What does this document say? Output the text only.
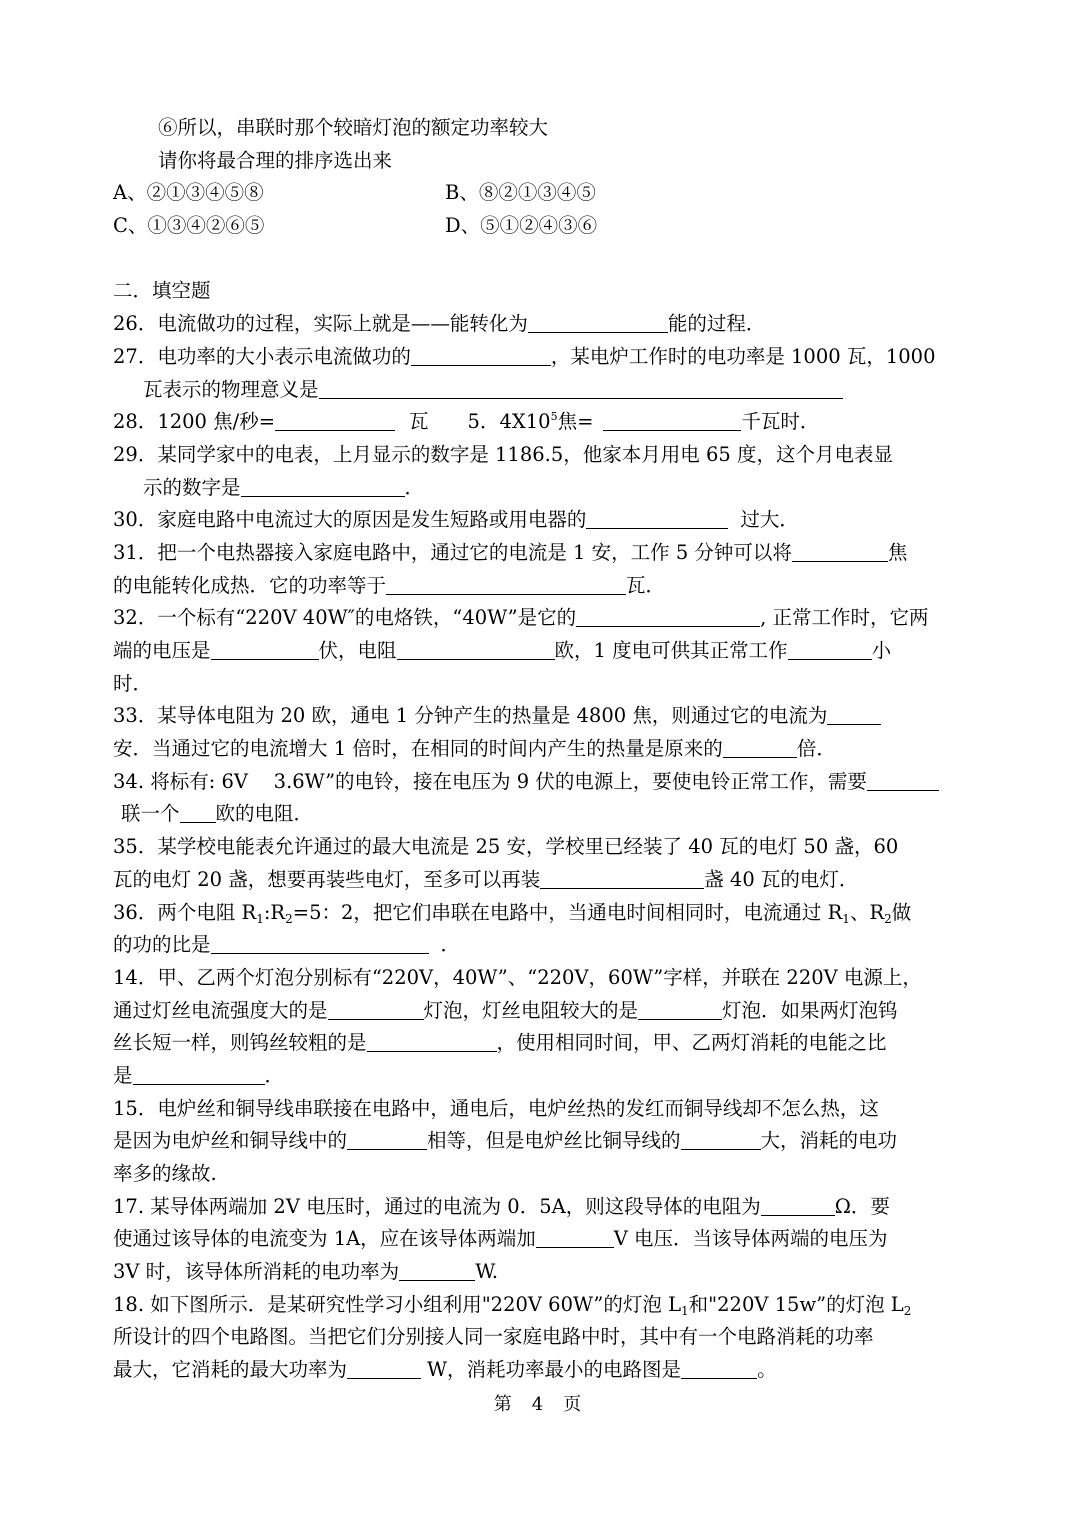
⑥所以，串联时那个较暗灯泡的额定功率较大
请你将最合理的排序选出来
A、②①③④⑤⑧	B、⑧②①③④⑤
C、①③④②⑥⑤	D、⑤①②④③⑥
二．填空题
26．电流做功的过程，实际上就是——能转化为	能的过程．
27．电功率的大小表示电流做功的	，某电炉工作时的电功率是 1000 瓦，1000
瓦表示的物理意义是
28．1200 焦/秒=	瓦　　5．$4X10^5$焦=	千瓦时．
29．某同学家中的电表，上月显示的数字是 1186.5，他家本月用电 65 度，这个月电表显
示的数字是	．
30．家庭电路中电流过大的原因是发生短路或用电器的	过大．
31．把一个电热器接入家庭电路中，通过它的电流是 1 安，工作 5 分钟可以将	焦
的电能转化成热．它的功率等于	瓦．
32．一个标有“220V 40W″的电烙铁，“40W”是它的	, 正常工作时，它两
端的电压是	伏，电阻	欧，1 度电可供其正常工作	小
时．
33．某导体电阻为 20 欧，通电 1 分钟产生的热量是 4800 焦，则通过它的电流为
安．当通过它的电流增大 1 倍时，在相同的时间内产生的热量是原来的	倍．
34. 将标有: 6V　 3.6W”的电铃，接在电压为 9 伏的电源上，要使电铃正常工作，需要
联一个 欧的电阻．
35．某学校电能表允许通过的最大电流是 25 安，学校里已经装了 40 瓦的电灯 50 盏，60
瓦的电灯 20 盏，想要再装些电灯，至多可以再装	盏 40 瓦的电灯．
36．两个电阻 $R_1:R_2=5$：2，把它们串联在电路中，当通电时间相同时，电流通过 $R_1$、$R_2$做
的功的比是	．
14．甲、乙两个灯泡分别标有“220V，40W”、“220V，60W”字样，并联在 220V 电源上，
通过灯丝电流强度大的是	灯泡，灯丝电阻较大的是	灯泡．如果两灯泡钨
丝长短一样，则钨丝较粗的是	，使用相同时间，甲、乙两灯消耗的电能之比
是	．
15．电炉丝和铜导线串联接在电路中，通电后，电炉丝热的发红而铜导线却不怎么热，这
是因为电炉丝和铜导线中的	相等，但是电炉丝比铜导线的	大，消耗的电功
率多的缘故.
17. 某导体两端加 2V 电压时，通过的电流为 0．5A，则这段导体的电阻为	Ω．要
使通过该导体的电流变为 1A，应在该导体两端加	V 电压．当该导体两端的电压为
3V 时，该导体所消耗的电功率为	W.
18. 如下图所示．是某研究性学习小组利用"220V 60W”的灯泡 $L_1$和"220V 15w”的灯泡 $L_2$
所设计的四个电路图。当把它们分别接人同一家庭电路中时，其中有一个电路消耗的功率
最大，它消耗的最大功率为	W，消耗功率最小的电路图是	。
第 4 页
